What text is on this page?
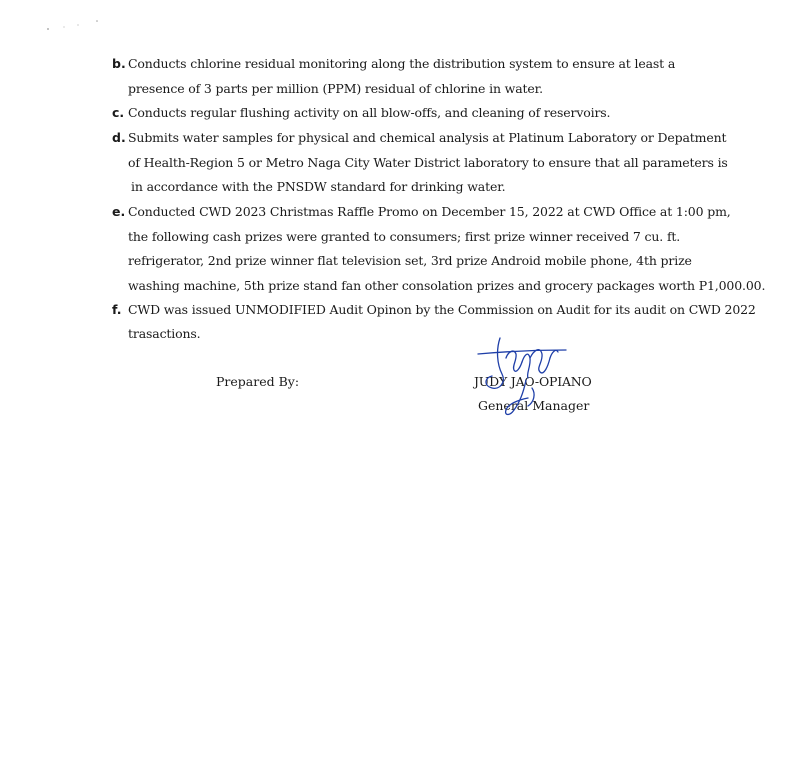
b. Conducts chlorine residual monitoring along the distribution system to ensure at least a
presence of 3 parts per million (PPM) residual of chlorine in water.
c. Conducts regular flushing activity on all blow-offs, and cleaning of reservoirs.
d. Submits water samples for physical and chemical analysis at Platinum Laboratory or Depatment
of Health-Region 5 or Metro Naga City Water District laboratory to ensure that all parameters is
in accordance with the PNSDW standard for drinking water.
e. Conducted CWD 2023 Christmas Raffle Promo on December 15, 2022 at CWD Office at 1:00 pm,
the following cash prizes were granted to consumers; first prize winner received 7 cu. ft.
refrigerator, 2nd prize winner flat television set, 3rd prize Android mobile phone, 4th prize
washing machine, 5th prize stand fan other consolation prizes and grocery packages worth P1,000.00.
f. CWD was issued UNMODIFIED Audit Opinon by the Commission on Audit for its audit on CWD 2022
trasactions.
Prepared By:	JUDY JAO-OPIANO
General Manager
